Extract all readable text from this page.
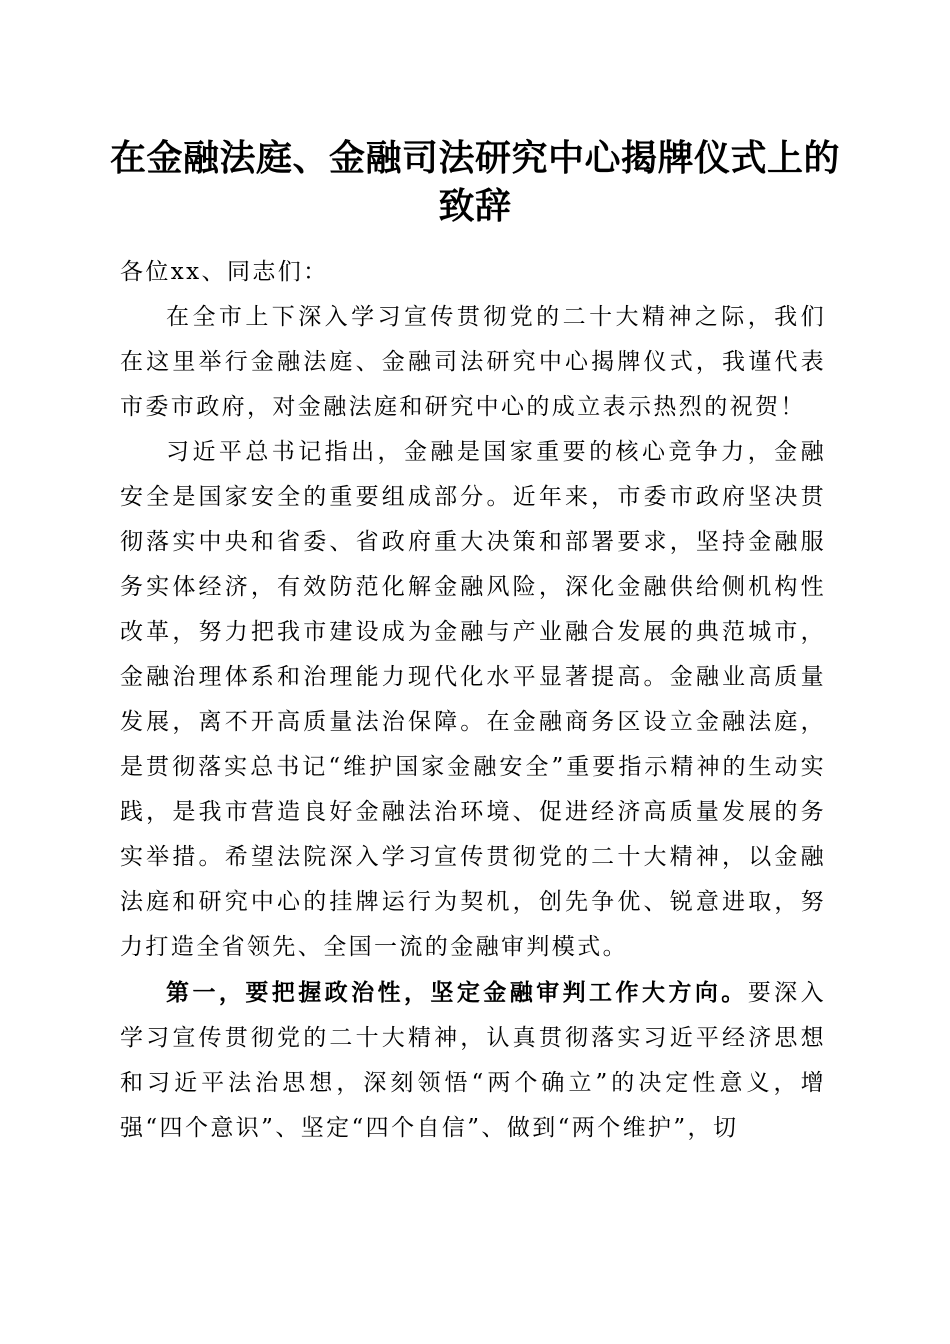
在金融法庭、金融司法研究中心揭牌仪式上的致辞

各位xx、同志们：

在全市上下深入学习宣传贯彻党的二十大精神之际，我们在这里举行金融法庭、金融司法研究中心揭牌仪式，我谨代表市委市政府，对金融法庭和研究中心的成立表示热烈的祝贺！

习近平总书记指出，金融是国家重要的核心竞争力，金融安全是国家安全的重要组成部分。近年来，市委市政府坚决贯彻落实中央和省委、省政府重大决策和部署要求，坚持金融服务实体经济，有效防范化解金融风险，深化金融供给侧机构性改革，努力把我市建设成为金融与产业融合发展的典范城市，金融治理体系和治理能力现代化水平显著提高。金融业高质量发展，离不开高质量法治保障。在金融商务区设立金融法庭，是贯彻落实总书记“维护国家金融安全”重要指示精神的生动实践，是我市营造良好金融法治环境、促进经济高质量发展的务实举措。希望法院深入学习宣传贯彻党的二十大精神，以金融法庭和研究中心的挂牌运行为契机，创先争优、锐意进取，努力打造全省领先、全国一流的金融审判模式。

第一，要把握政治性，坚定金融审判工作大方向。要深入学习宣传贯彻党的二十大精神，认真贯彻落实习近平经济思想和习近平法治思想，深刻领悟“两个确立”的决定性意义，增强“四个意识”、坚定“四个自信”、做到“两个维护”，切
